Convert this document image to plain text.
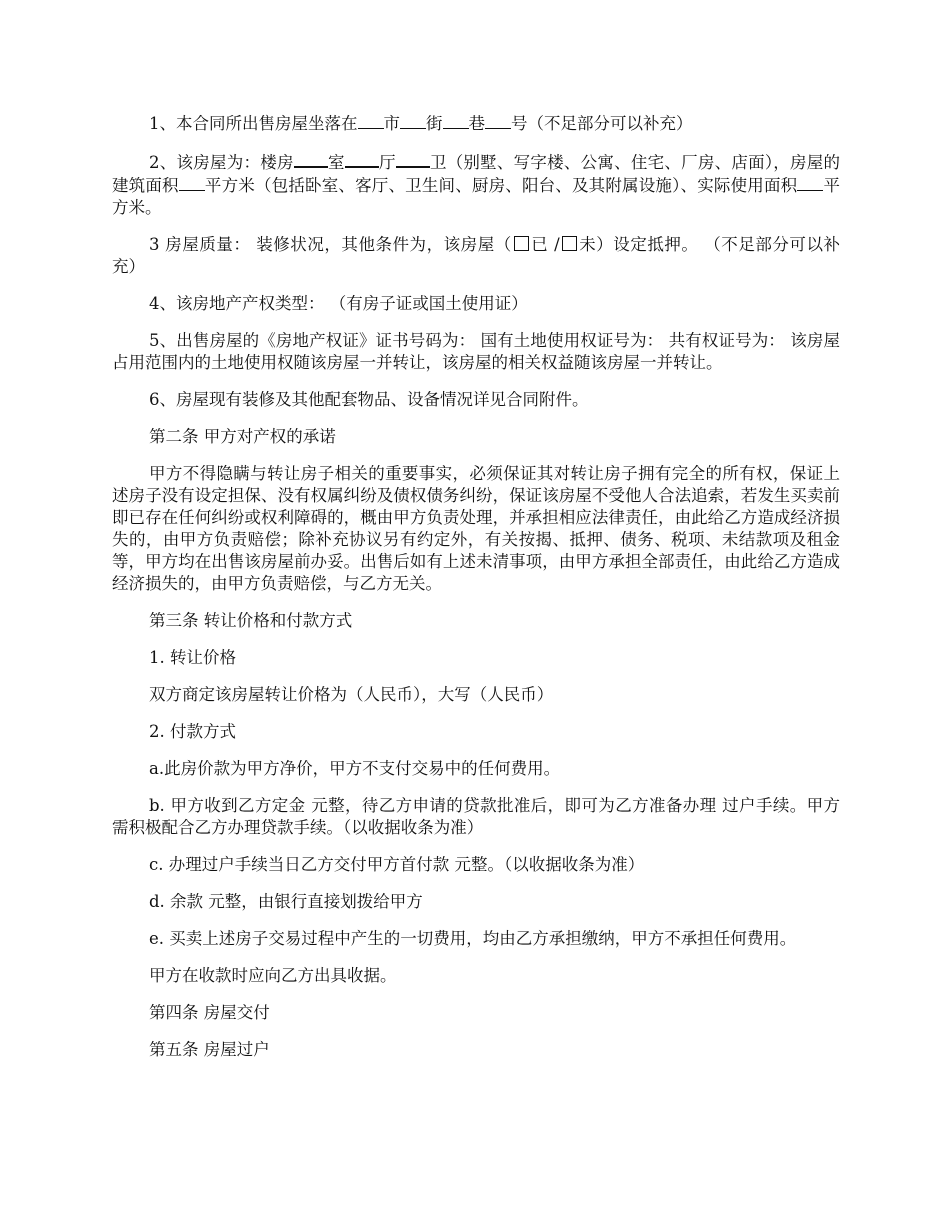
1、本合同所出售房屋坐落在 市 街 巷 号（不足部分可以补充）

2、该房屋为：楼房 室 厅 卫（别墅、写字楼、公寓、住宅、厂房、店面），房屋的建筑面积 平方米（包括卧室、客厅、卫生间、厨房、阳台、及其附属设施）、实际使用面积 平方米。

3 房屋质量： 装修状况，其他条件为，该房屋（ 已 / 未）设定抵押。 （不足部分可以补充）

4、该房地产产权类型： （有房子证或国土使用证）

5、出售房屋的《房地产权证》证书号码为： 国有土地使用权证号为： 共有权证号为： 该房屋占用范围内的土地使用权随该房屋一并转让，该房屋的相关权益随该房屋一并转让。

6、房屋现有装修及其他配套物品、设备情况详见合同附件。

第二条 甲方对产权的承诺

甲方不得隐瞒与转让房子相关的重要事实，必须保证其对转让房子拥有完全的所有权，保证上述房子没有设定担保、没有权属纠纷及债权债务纠纷，保证该房屋不受他人合法追索，若发生买卖前即已存在任何纠纷或权利障碍的，概由甲方负责处理，并承担相应法律责任，由此给乙方造成经济损失的，由甲方负责赔偿；除补充协议另有约定外，有关按揭、抵押、债务、税项、未结款项及租金等，甲方均在出售该房屋前办妥。出售后如有上述未清事项，由甲方承担全部责任，由此给乙方造成经济损失的，由甲方负责赔偿，与乙方无关。

第三条 转让价格和付款方式

1. 转让价格

双方商定该房屋转让价格为（人民币），大写（人民币）

2. 付款方式

a.此房价款为甲方净价，甲方不支付交易中的任何费用。

b. 甲方收到乙方定金 元整，待乙方申请的贷款批准后，即可为乙方准备办理 过户手续。甲方需积极配合乙方办理贷款手续。（以收据收条为准）

c. 办理过户手续当日乙方交付甲方首付款 元整。（以收据收条为准）

d. 余款 元整，由银行直接划拨给甲方

e. 买卖上述房子交易过程中产生的一切费用，均由乙方承担缴纳，甲方不承担任何费用。

甲方在收款时应向乙方出具收据。

第四条 房屋交付

第五条 房屋过户
